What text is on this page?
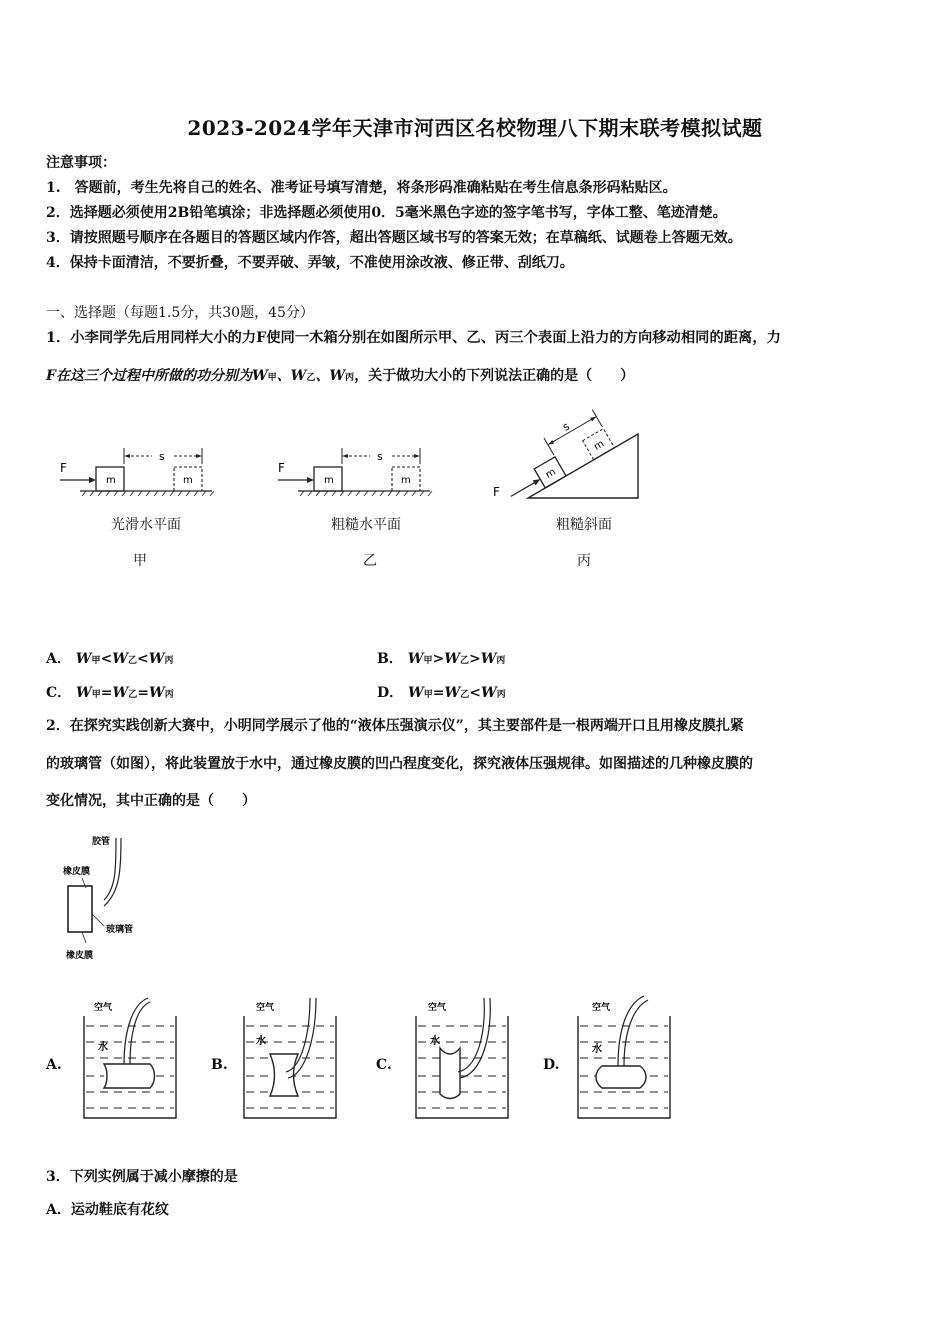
2023-2024学年天津市河西区名校物理八下期末联考模拟试题
注意事项：
1.　答题前，考生先将自己的姓名、准考证号填写清楚，将条形码准确粘贴在考生信息条形码粘贴区。
2．选择题必须使用2B铅笔填涂；非选择题必须使用0．5毫米黑色字迹的签字笔书写，字体工整、笔迹清楚。
3．请按照题号顺序在各题目的答题区域内作答，超出答题区域书写的答案无效；在草稿纸、试题卷上答题无效。
4．保持卡面清洁，不要折叠，不要弄破、弄皱，不准使用涂改液、修正带、刮纸刀。
一、选择题（每题1.5分，共30题，45分）
1．小李同学先后用同样大小的力F使同一木箱分别在如图所示甲、乙、丙三个表面上沿力的方向移动相同的距离，力
F在这三个过程中所做的功分别为W甲、W乙、W丙，关于做功大小的下列说法正确的是（　　）
F
m	m
s
光滑水平面
甲
F
m	m
s
粗糙水平面
乙
m
m
s
F
粗糙斜面
丙
A． W甲<W乙<W丙	B． W甲>W乙>W丙
C． W甲=W乙=W丙	D． W甲=W乙<W丙
2．在探究实践创新大赛中，小明同学展示了他的“液体压强演示仪”，其主要部件是一根两端开口且用橡皮膜扎紧
的玻璃管（如图），将此装置放于水中，通过橡皮膜的凹凸程度变化，探究液体压强规律。如图描述的几种橡皮膜的
变化情况，其中正确的是（　　）
胶管
橡皮膜
玻璃管
橡皮膜
A.
空气
水
B.
空气
水
C.
空气
水
D.
空气
水
3．下列实例属于减小摩擦的是
A．运动鞋底有花纹
